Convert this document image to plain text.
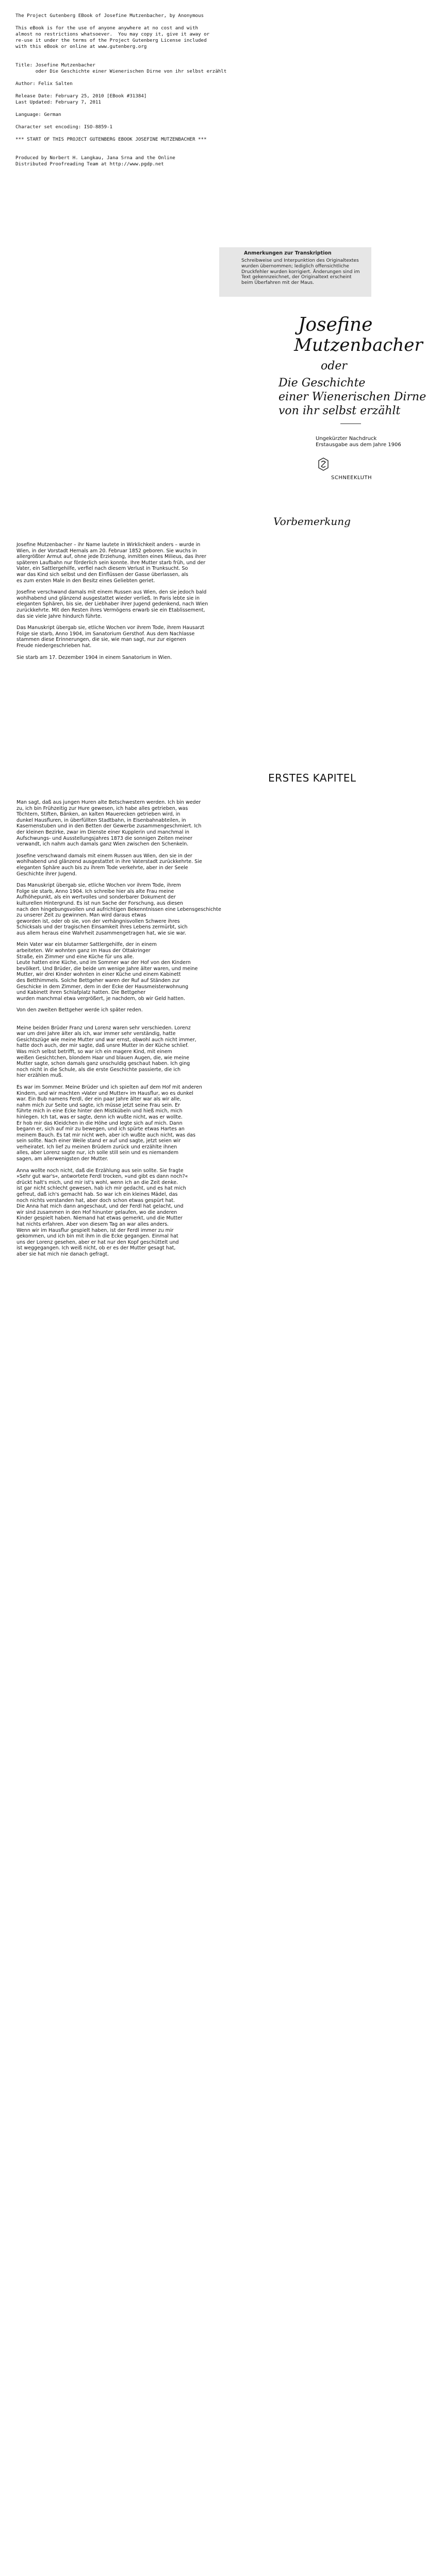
The Project Gutenberg EBook of Josefine Mutzenbacher, by Anonymous

This eBook is for the use of anyone anywhere at no cost and with
almost no restrictions whatsoever.  You may copy it, give it away or
re-use it under the terms of the Project Gutenberg License included
with this eBook or online at www.gutenberg.org

Title: Josefine Mutzenbacher
oder Die Geschichte einer Wienerischen Dirne von ihr selbst erzählt

Author: Felix Salten

Release Date: February 25, 2010 [EBook #31384]
Last Updated: February 7, 2011

Language: German

Character set encoding: ISO-8859-1

*** START OF THIS PROJECT GUTENBERG EBOOK JOSEFINE MUTZENBACHER ***
Produced by Norbert H. Langkau, Jana Srna and the Online
Distributed Proofreading Team at http://www.pgdp.net
Anmerkungen zur Transkription
Schreibweise und Interpunktion des Originaltextes
wurden übernommen; lediglich offensichtliche
Druckfehler wurden korrigiert. Änderungen sind im
Text gekennzeichnet, der Originaltext erscheint
beim Überfahren mit der Maus.
Josefine
Mutzenbacher
oder
Die Geschichte
einer Wienerischen Dirne
von ihr selbst erzählt
Ungekürzter Nachdruck
Erstausgabe aus dem Jahre 1906
SCHNEEKLUTH
Vorbemerkung

Josefine Mutzenbacher – ihr Name lautete in Wirklichkeit anders – wurde in

Wien, in der Vorstadt Hernals am 20. Februar 1852 geboren. Sie wuchs in

allergrößter Armut auf, ohne jede Erziehung, inmitten eines Milieus, das ihrer

späteren Laufbahn nur förderlich sein konnte. Ihre Mutter starb früh, und der

Vater, ein Sattlergehilfe, verfiel nach diesem Verlust in Trunksucht. So

war das Kind sich selbst und den Einflüssen der Gasse überlassen, als

es zum ersten Male in den Besitz eines Geliebten geriet.

Josefine verschwand damals mit einem Russen aus Wien, den sie jedoch bald

wohlhabend und glänzend ausgestattet wieder verließ. In Paris lebte sie in

eleganten Sphären, bis sie, der Liebhaber ihrer Jugend gedenkend, nach Wien

zurückkehrte. Mit den Resten ihres Vermögens erwarb sie ein Etablissement,

das sie viele Jahre hindurch führte.

Das Manuskript übergab sie, etliche Wochen vor ihrem Tode, ihrem Hausarzt

Folge sie starb, Anno 1904, im Sanatorium Gersthof. Aus dem Nachlasse

stammen diese Erinnerungen, die sie, wie man sagt, nur zur eigenen

Freude niedergeschrieben hat.

Sie starb am 17. Dezember 1904 in einem Sanatorium in Wien.

ERSTES KAPITEL

Man sagt, daß aus jungen Huren alte Betschwestern werden. Ich bin weder

zu, ich bin Frühzeitig zur Hure gewesen, ich habe alles getrieben, was

Töchtern, Stiften, Bänken, an kalten Mauerecken getrieben wird, in

dunkel Hausfluren, in überfüllten Stadtbahn, in Eisenbahnabteilen, in

Kasernenstuben und in den Betten der Gewerbe zusammengeschmiert. Ich

der kleinen Bezirke, zwar im Dienste einer Kupplerin und manchmal in

Aufschwungs- und Ausstellungsjahres 1873 die sonnigen Zeiten meiner

verwandt, ich nahm auch damals ganz Wien zwischen den Schenkeln.

Josefine verschwand damals mit einem Russen aus Wien, den sie in der

wohlhabend und glänzend ausgestattet in ihre Vaterstadt zurückkehrte. Sie

eleganten Sphäre auch bis zu ihrem Tode verkehrte, aber in der Seele

Geschichte ihrer Jugend.

Das Manuskript übergab sie, etliche Wochen vor ihrem Tode, ihrem

Folge sie starb, Anno 1904. Ich schreibe hier als alte Frau meine

Aufhöhepunkt, als ein wertvolles und sonderbarer Dokument der

kulturellen Hintergrund. Es ist nun Sache der Forschung, aus diesen

nach den hingebungsvollen und aufrichtigen Bekenntnissen eine Lebensgeschichte

zu unserer Zeit zu gewinnen. Man wird daraus etwas

geworden ist, oder ob sie, von der verhängnisvollen Schwere ihres

Schicksals und der tragischen Einsamkeit ihres Lebens zermürbt, sich

aus allem heraus eine Wahrheit zusammengetragen hat, wie sie war.

Mein Vater war ein blutarmer Sattlergehilfe, der in einem

arbeiteten. Wir wohnten ganz im Haus der Ottakringer

Straße, ein Zimmer und eine Küche für uns alle.

Leute hatten eine Küche, und im Sommer war der Hof von den Kindern

bevölkert. Und Brüder, die beide um wenige Jahre älter waren, und meine

Mutter, wir drei Kinder wohnten in einer Küche und einem Kabinett

des Betthimmels. Solche Bettgeher waren der Ruf auf Ständen zur

Geschicke in dem Zimmer, dem in der Ecke der Hausmeisterwohnung

und Kabinett ihren Schlafplatz hatten. Die Bettgeher

wurden manchmal etwa vergrößert, je nachdem, ob wir Geld hatten.

Von den zweiten Bettgeher werde ich später reden.

Meine beiden Brüder Franz und Lorenz waren sehr verschieden. Lorenz

war um drei Jahre älter als ich, war immer sehr verständig, hatte

Gesichtszüge wie meine Mutter und war ernst, obwohl auch nicht immer,

hatte doch auch, der mir sagte, daß unsre Mutter in der Küche schlief.

Was mich selbst betrifft, so war ich ein magere Kind, mit einem

weißen Gesichtchen, blondem Haar und blauen Augen, die, wie meine

Mutter sagte, schon damals ganz unschuldig geschaut haben. Ich ging

noch nicht in die Schule, als die erste Geschichte passierte, die ich

hier erzählen muß.

Es war im Sommer. Meine Brüder und ich spielten auf dem Hof mit anderen

Kindern, und wir machten »Vater und Mutter« im Hausflur, wo es dunkel

war. Ein Bub namens Ferdl, der ein paar Jahre älter war als wir alle,

nahm mich zur Seite und sagte, ich müsse jetzt seine Frau sein. Er

führte mich in eine Ecke hinter den Mistkübeln und hieß mich, mich

hinlegen. Ich tat, was er sagte, denn ich wußte nicht, was er wollte.

Er hob mir das Kleidchen in die Höhe und legte sich auf mich. Dann

begann er, sich auf mir zu bewegen, und ich spürte etwas Hartes an

meinem Bauch. Es tat mir nicht weh, aber ich wußte auch nicht, was das

sein sollte. Nach einer Weile stand er auf und sagte, jetzt seien wir

verheiratet. Ich lief zu meinen Brüdern zurück und erzählte ihnen

alles, aber Lorenz sagte nur, ich solle still sein und es niemandem

sagen, am allerwenigsten der Mutter.

Anna wollte noch nicht, daß die Erzählung aus sein sollte. Sie fragte

»Sehr gut war's«, antwortete Ferdl trocken, »und gibt es dann noch?«

drückt halt's mich, und mir ist's wohl, wenn ich an die Zeit denke.

ist gar nicht schlecht gewesen, hab ich mir gedacht, und es hat mich

gefreut, daß ich's gemacht hab. So war ich ein kleines Mädel, das

noch nichts verstanden hat, aber doch schon etwas gespürt hat.

Die Anna hat mich dann angeschaut, und der Ferdl hat gelacht, und

wir sind zusammen in den Hof hinunter gelaufen, wo die anderen

Kinder gespielt haben. Niemand hat etwas gemerkt, und die Mutter

hat nichts erfahren. Aber von diesem Tag an war alles anders.

Wenn wir im Hausflur gespielt haben, ist der Ferdl immer zu mir

gekommen, und ich bin mit ihm in die Ecke gegangen. Einmal hat

uns der Lorenz gesehen, aber er hat nur den Kopf geschüttelt und

ist weggegangen. Ich weiß nicht, ob er es der Mutter gesagt hat,

aber sie hat mich nie danach gefragt.
